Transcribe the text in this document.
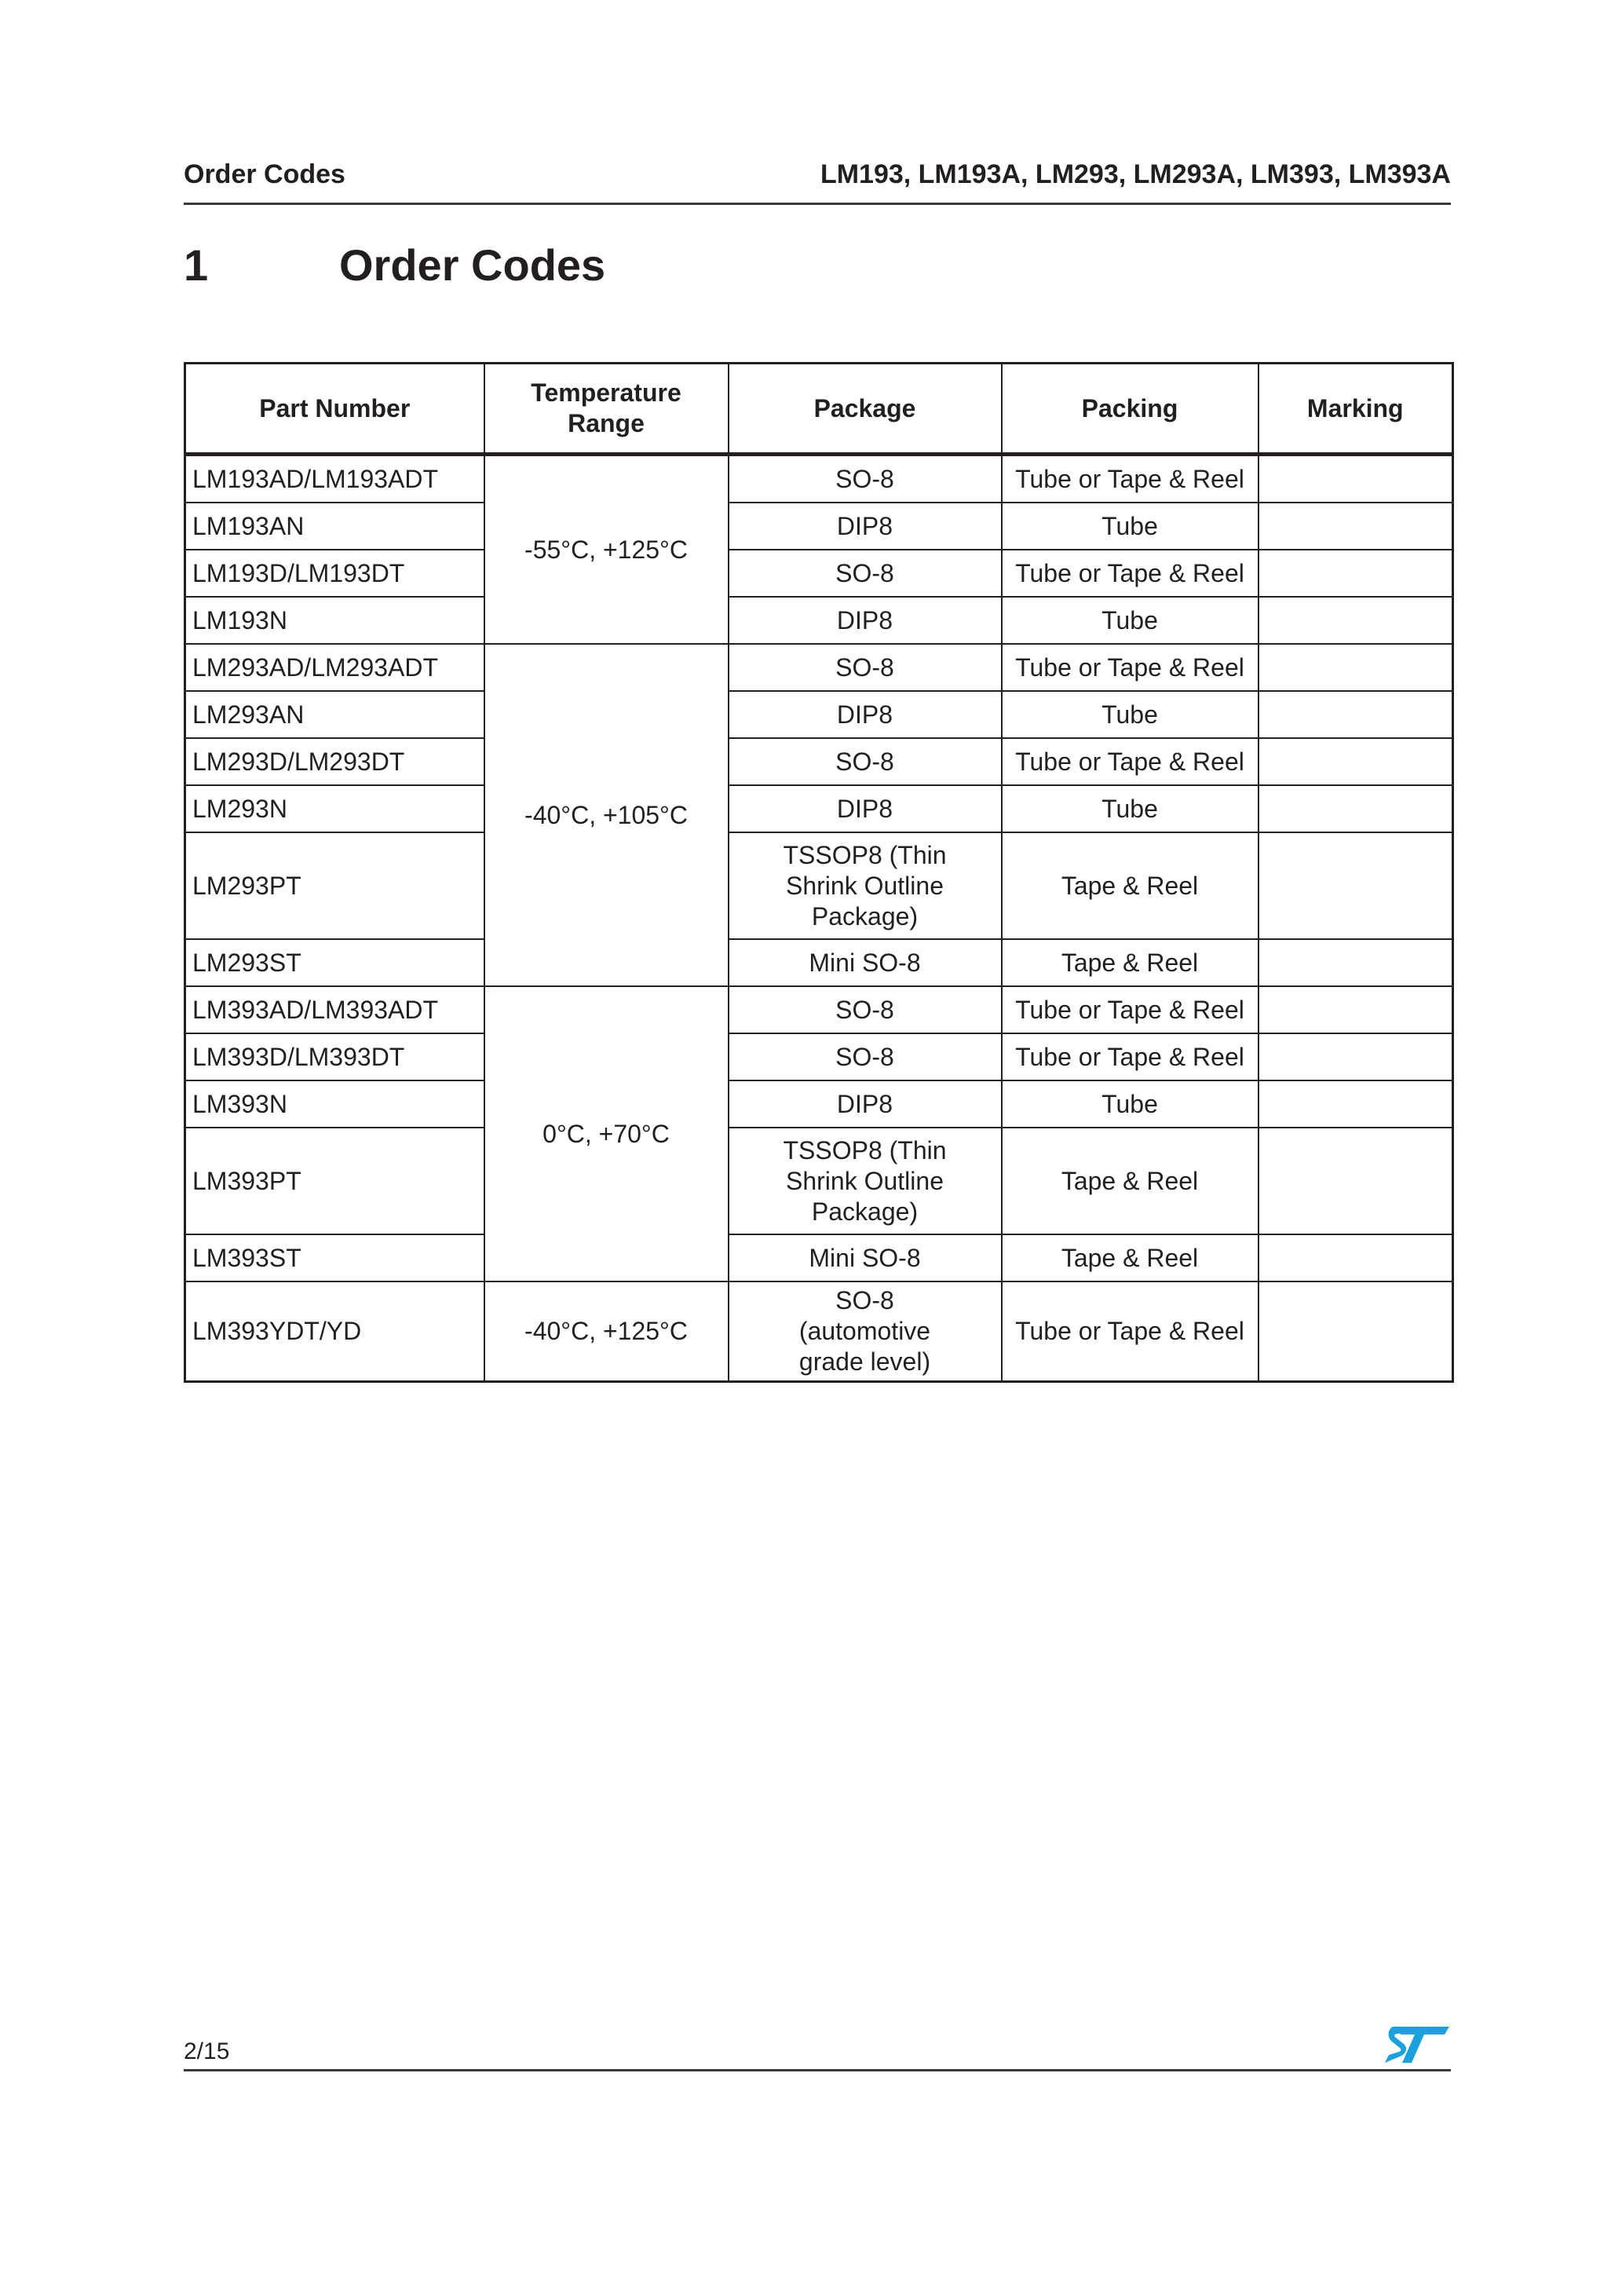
Order Codes	LM193, LM193A, LM293, LM293A, LM393, LM393A
1	Order Codes
Part Number	Temperature Range	Package	Packing	Marking
LM193AD/LM193ADT	-55°C, +125°C	SO-8	Tube or Tape & Reel	
LM193AN		DIP8	Tube	
LM193D/LM193DT		SO-8	Tube or Tape & Reel	
LM193N		DIP8	Tube	
LM293AD/LM293ADT	-40°C, +105°C	SO-8	Tube or Tape & Reel	
LM293AN		DIP8	Tube	
LM293D/LM293DT		SO-8	Tube or Tape & Reel	
LM293N		DIP8	Tube	
LM293PT		TSSOP8 (Thin Shrink Outline Package)	Tape & Reel	
LM293ST		Mini SO-8	Tape & Reel	
LM393AD/LM393ADT	0°C, +70°C	SO-8	Tube or Tape & Reel	
LM393D/LM393DT		SO-8	Tube or Tape & Reel	
LM393N		DIP8	Tube	
LM393PT		TSSOP8 (Thin Shrink Outline Package)	Tape & Reel	
LM393ST		Mini SO-8	Tape & Reel	
LM393YDT/YD	-40°C, +125°C	SO-8 (automotive grade level)	Tube or Tape & Reel	
2/15
